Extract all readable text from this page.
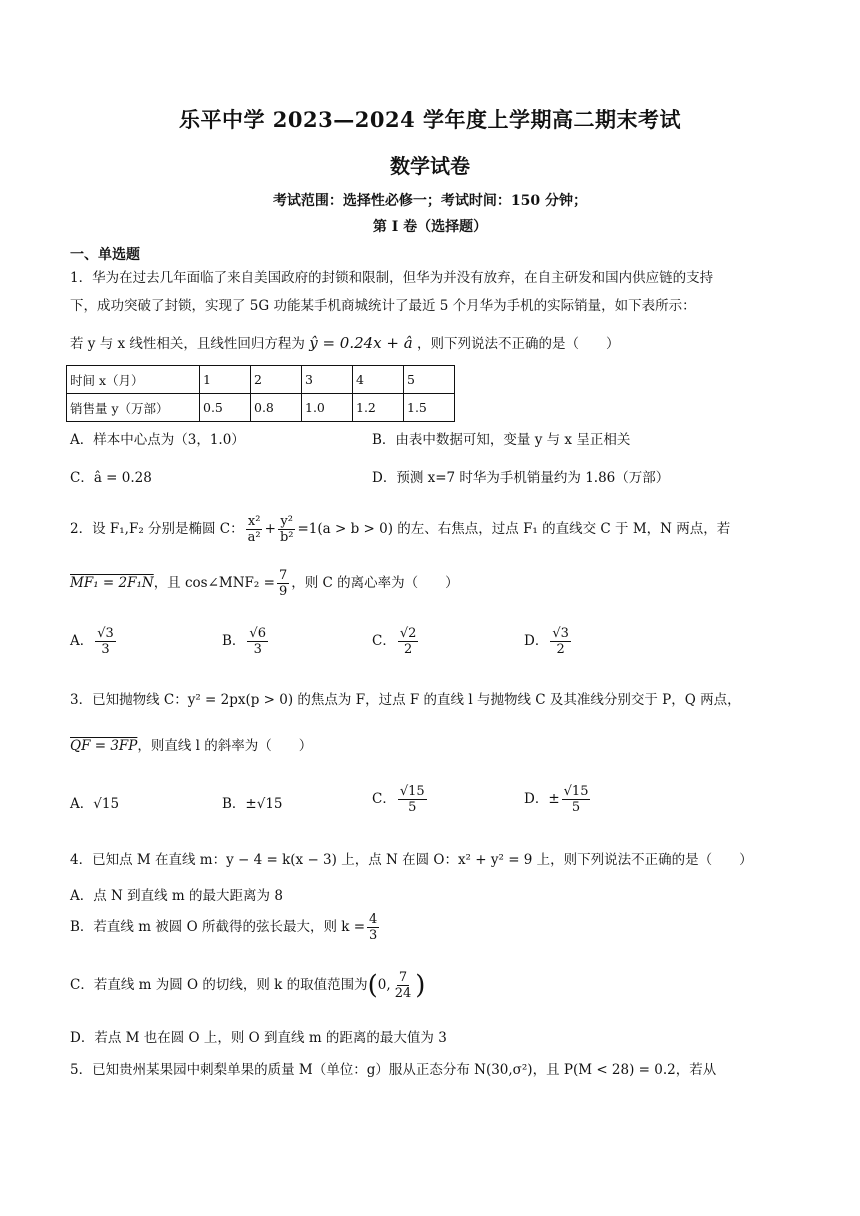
乐平中学 2023—2024 学年度上学期高二期末考试
数学试卷
考试范围：选择性必修一；考试时间：150 分钟；
第 I 卷（选择题）
一、单选题
1．华为在过去几年面临了来自美国政府的封锁和限制，但华为并没有放弃，在自主研发和国内供应链的支持
下，成功突破了封锁，实现了 5G 功能某手机商城统计了最近 5 个月华为手机的实际销量，如下表所示：
若 y 与 x 线性相关，且线性回归方程为 ŷ = 0.24x + â ，则下列说法不正确的是（　　）
时间 x（月）	1	2	3	4	5
销售量 y（万部）	0.5	0.8	1.0	1.2	1.5
A．样本中心点为（3，1.0）	B．由表中数据可知，变量 y 与 x 呈正相关
C．â = 0.28	D．预测 x=7 时华为手机销量约为 1.86（万部）
2．设 F₁,F₂ 分别是椭圆 C： $\frac{\text{x²}}{\text{a²}} + \frac{\text{y²}}{\text{b²}} =1(a > b > 0)$ 的左、右焦点，过点 F₁ 的直线交 C 于 M，N 两点，若
MF₁ = 2F₁N，且 cos∠MNF₂ = $\frac{7}{9}$ ，则 C 的离心率为（　　）
A． $\frac{√3}{3}$	B． $\frac{√6}{3}$	C． $\frac{√2}{2}$	D． $\frac{√3}{2}$
3．已知抛物线 C：y² = 2px(p > 0) 的焦点为 F，过点 F 的直线 l 与抛物线 C 及其准线分别交于 P，Q 两点，
QF = 3FP，则直线 l 的斜率为（　　）
A．√15	B．±√15	C． $\frac{√15}{5}$	D．± $\frac{√15}{5}$
4．已知点 M 在直线 m：y − 4 = k(x − 3) 上，点 N 在圆 O：x² + y² = 9 上，则下列说法不正确的是（　　）
A．点 N 到直线 m 的最大距离为 8
B．若直线 m 被圆 O 所截得的弦长最大，则 $k = \frac{4}{3}$
C．若直线 m 为圆 O 的切线，则 k 的取值范围为(0, $\frac{7}{24}$ )
D．若点 M 也在圆 O 上，则 O 到直线 m 的距离的最大值为 3
5．已知贵州某果园中刺梨单果的质量 M（单位：g）服从正态分布 N(30,σ²)，且 P(M < 28) = 0.2，若从
